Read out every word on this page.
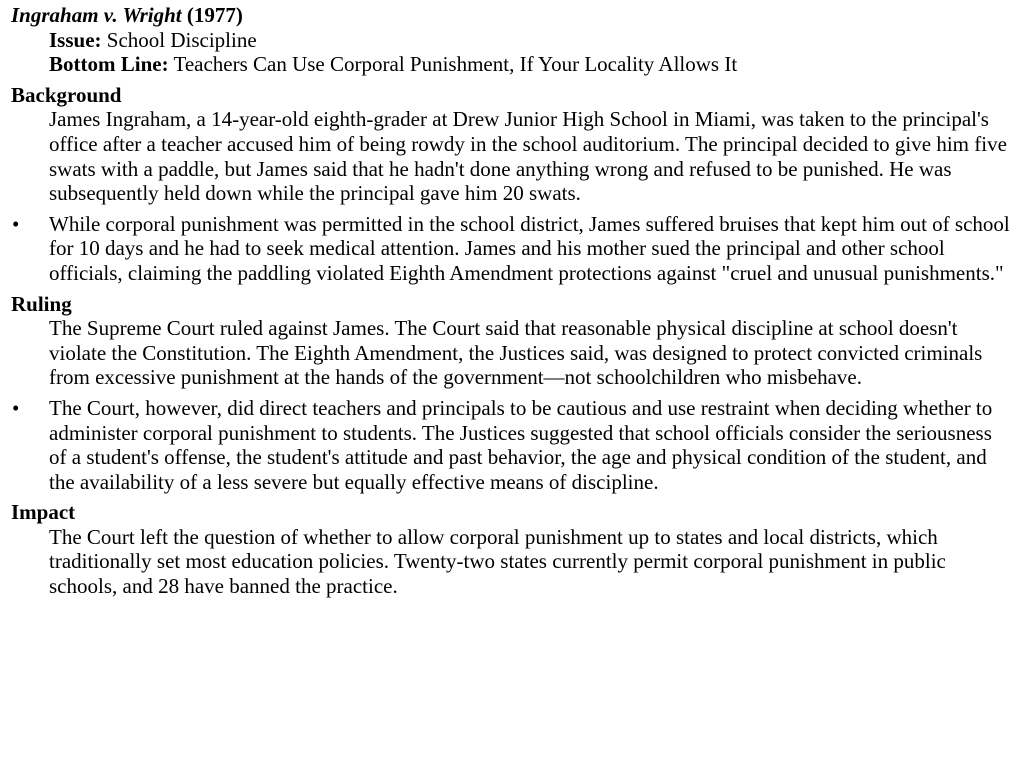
Ingraham v. Wright (1977)

Issue: School Discipline

Bottom Line: Teachers Can Use Corporal Punishment, If Your Locality Allows It

Background

James Ingraham, a 14-year-old eighth-grader at Drew Junior High School in Miami, was taken to the principal's office after a teacher accused him of being rowdy in the school auditorium. The principal decided to give him five swats with a paddle, but James said that he hadn't done anything wrong and refused to be punished. He was subsequently held down while the principal gave him 20 swats.

• While corporal punishment was permitted in the school district, James suffered bruises that kept him out of school for 10 days and he had to seek medical attention. James and his mother sued the principal and other school officials, claiming the paddling violated Eighth Amendment protections against "cruel and unusual punishments."
Ruling

The Supreme Court ruled against James. The Court said that reasonable physical discipline at school doesn't violate the Constitution. The Eighth Amendment, the Justices said, was designed to protect convicted criminals from excessive punishment at the hands of the government—not schoolchildren who misbehave.

• The Court, however, did direct teachers and principals to be cautious and use restraint when deciding whether to administer corporal punishment to students. The Justices suggested that school officials consider the seriousness of a student's offense, the student's attitude and past behavior, the age and physical condition of the student, and the availability of a less severe but equally effective means of discipline.
Impact

The Court left the question of whether to allow corporal punishment up to states and local districts, which traditionally set most education policies. Twenty-two states currently permit corporal punishment in public schools, and 28 have banned the practice.
